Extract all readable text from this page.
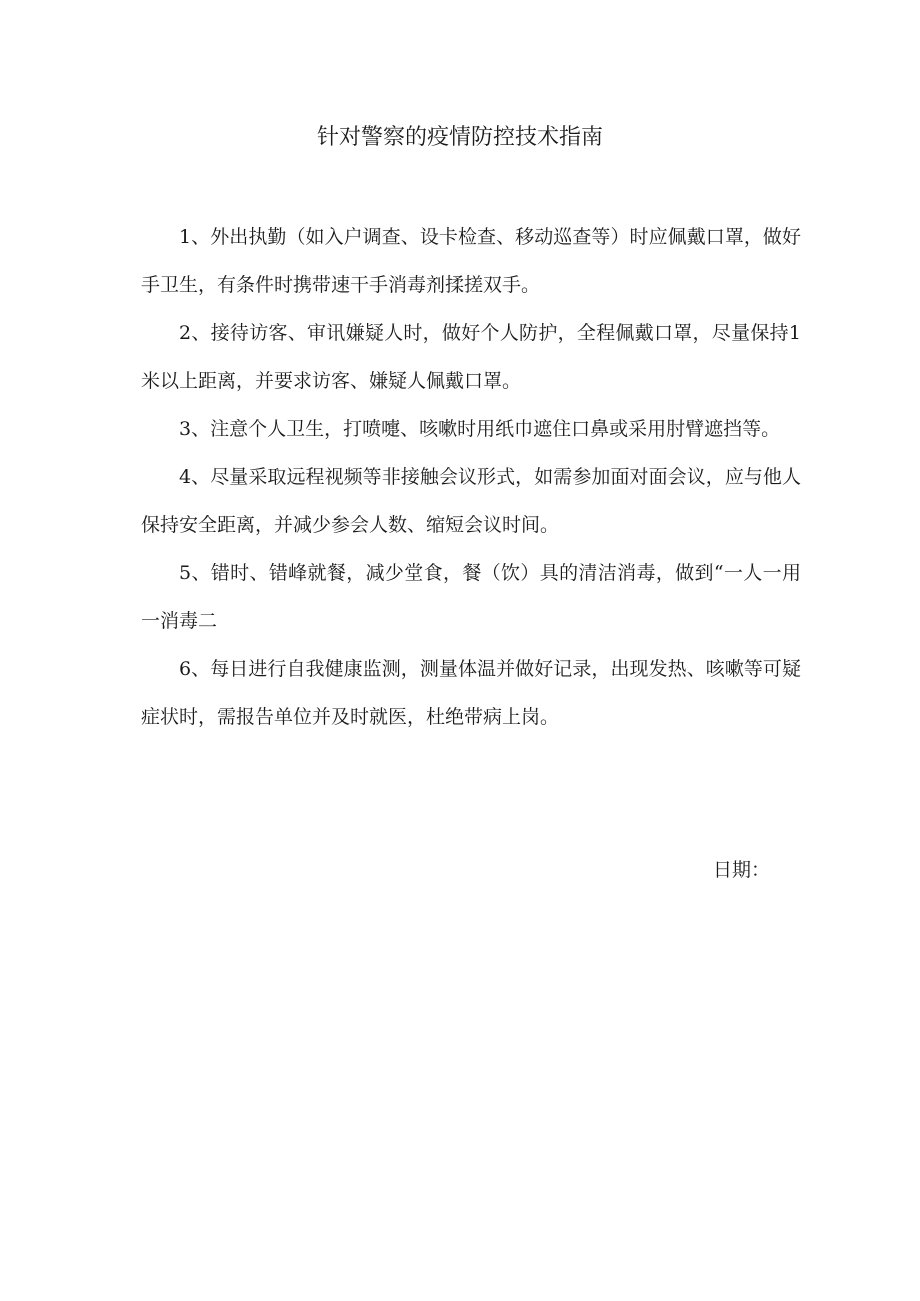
针对警察的疫情防控技术指南

1、外出执勤（如入户调查、设卡检查、移动巡查等）时应佩戴口罩，做好手卫生，有条件时携带速干手消毒剂揉搓双手。

2、接待访客、审讯嫌疑人时，做好个人防护，全程佩戴口罩，尽量保持1米以上距离，并要求访客、嫌疑人佩戴口罩。

3、注意个人卫生，打喷嚏、咳嗽时用纸巾遮住口鼻或采用肘臂遮挡等。

4、尽量采取远程视频等非接触会议形式，如需参加面对面会议，应与他人保持安全距离，并减少参会人数、缩短会议时间。

5、错时、错峰就餐，减少堂食，餐（饮）具的清洁消毒，做到“一人一用一消毒二

6、每日进行自我健康监测，测量体温并做好记录，出现发热、咳嗽等可疑症状时，需报告单位并及时就医，杜绝带病上岗。

日期：
